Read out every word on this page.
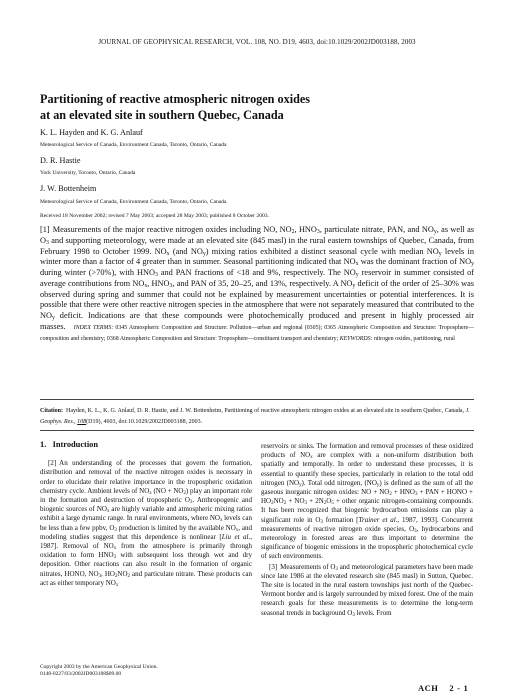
JOURNAL OF GEOPHYSICAL RESEARCH, VOL. 108, NO. D19, 4603, doi:10.1029/2002JD003188, 2003
Partitioning of reactive atmospheric nitrogen oxides
at an elevated site in southern Quebec, Canada
K. L. Hayden and K. G. Anlauf
Meteorological Service of Canada, Environment Canada, Toronto, Ontario, Canada
D. R. Hastie
York University, Toronto, Ontario, Canada
J. W. Bottenheim
Meteorological Service of Canada, Environment Canada, Toronto, Ontario, Canada
Received 18 November 2002; revised 7 May 2003; accepted 28 May 2003; published 8 October 2003.
[1] Measurements of the major reactive nitrogen oxides including NO, $NO_2$, $HNO_3$, particulate nitrate, PAN, and $NO_y$, as well as $O_3$ and supporting meteorology, were made at an elevated site (845 masl) in the rural eastern townships of Quebec, Canada, from February 1998 to October 1999. $NO_x$ (and $NO_y$) mixing ratios exhibited a distinct seasonal cycle with median $NO_y$ levels in winter more than a factor of 4 greater than in summer. Seasonal partitioning indicated that $NO_x$ was the dominant fraction of $NO_y$ during winter (>70%), with $HNO_3$ and PAN fractions of <18 and 9%, respectively. The $NO_y$ reservoir in summer consisted of average contributions from $NO_x$, $HNO_3$, and PAN of 35, 20–25, and 13%, respectively. A $NO_y$ deficit of the order of 25–30% was observed during spring and summer that could not be explained by measurement uncertainties or potential interferences. It is possible that there were other reactive nitrogen species in the atmosphere that were not separately measured that contributed to the $NO_y$ deficit. Indications are that these compounds were photochemically produced and present in highly processed air masses. INDEX TERMS: 0345 Atmospheric Composition and Structure: Pollution—urban and regional (0305); 0365 Atmospheric Composition and Structure: Troposphere—composition and chemistry; 0368 Atmospheric Composition and Structure: Troposphere—constituent transport and chemistry; KEYWORDS: nitrogen oxides, partitioning, rural
Citation: Hayden, K. L., K. G. Anlauf, D. R. Hastie, and J. W. Bottenheim, Partitioning of reactive atmospheric nitrogen oxides at an elevated site in southern Quebec, Canada, J. Geophys. Res., 108(D19), 4603, doi:10.1029/2002JD003188, 2003.
1. Introduction

[2] An understanding of the processes that govern the formation, distribution and removal of the reactive nitrogen oxides is necessary in order to elucidate their relative importance in the tropospheric oxidation chemistry cycle. Ambient levels of $NO_x$ $(NO + NO_2)$ play an important role in the formation and destruction of tropospheric $O_3$. Anthropogenic and biogenic sources of $NO_x$ are highly variable and atmospheric mixing ratios exhibit a large dynamic range. In rural environments, where $NO_x$ levels can be less than a few ppbv, $O_3$ production is limited by the available $NO_x$, and modeling studies suggest that this dependence is nonlinear [Liu et al., 1987]. Removal of $NO_x$ from the atmosphere is primarily through oxidation to form $HNO_3$ with subsequent loss through wet and dry deposition. Other reactions can also result in the formation of organic nitrates, HONO, $NO_3$, $HO_2NO_2$ and particulate nitrate. These products can act as either temporary $NO_x$

reservoirs or sinks. The formation and removal processes of these oxidized products of $NO_x$ are complex with a non-uniform distribution both spatially and temporally. In order to understand these processes, it is essential to quantify these species, particularly in relation to the total odd nitrogen $(NO_y)$. Total odd nitrogen, $(NO_y)$ is defined as the sum of all the gaseous inorganic nitrogen oxides: NO + $NO_2 + HNO_3$ + PAN + HONO + $HO_2NO_2 + NO_3 + 2N_2O_5$ + other organic nitrogen-containing compounds. It has been recognized that biogenic hydrocarbon emissions can play a significant role in $O_3$ formation [Trainer et al., 1987, 1993]. Concurrent measurements of reactive nitrogen oxide species, $O_3$, hydrocarbons and meteorology in forested areas are thus important to determine the significance of biogenic emissions in the tropospheric photochemical cycle of such environments.

[3] Measurements of $O_3$ and meteorological parameters have been made since late 1986 at the elevated research site (845 masl) in Sutton, Quebec. The site is located in the rural eastern townships just north of the Quebec-Vermont border and is largely surrounded by mixed forest. One of the main research goals for these measurements is to determine the long-term seasonal trends in background $O_3$ levels. From

Copyright 2003 by the American Geophysical Union.
0148-0227/03/2002JD003188$09.00
ACH 2 - 1
